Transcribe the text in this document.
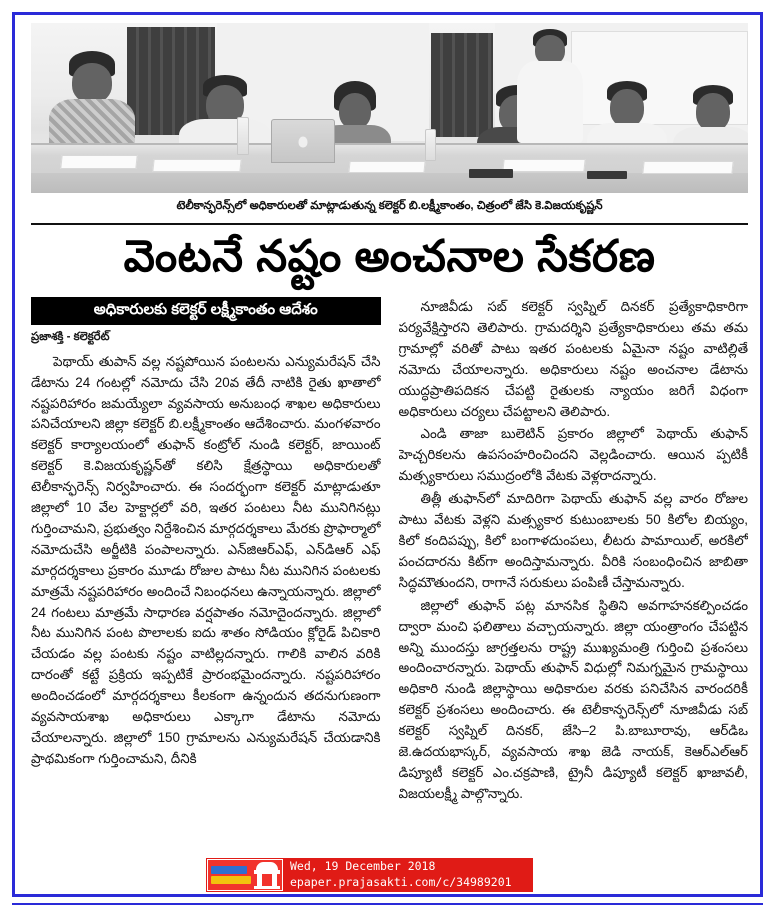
టెలీకాన్ఫరెన్స్‌లో అధికారులతో మాట్లాడుతున్న కలెక్టర్ బి.లక్ష్మీకాంతం, చిత్రంలో జేసి కె.విజయకృష్ణన్
వెంటనే నష్టం అంచనాల సేకరణ
అధికారులకు కలెక్టర్ లక్ష్మీకాంతం ఆదేశం
ప్రజాశక్తి - కలెక్టరేట్
పెథాయ్ తుపాన్ వల్ల నష్టపోయిన పంటలను ఎన్యుమరేషన్ చేసి డేటాను 24 గంటల్లో నమోదు చేసి 20వ తేదీ నాటికి రైతు ఖాతాలో నష్టపరిహారం జమయ్యేలా వ్యవసాయ అనుబంధ శాఖల అధికారులు పనిచేయాలని జిల్లా కలెక్టర్ బి.లక్ష్మీకాంతం ఆదేశించారు. మంగళవారం కలెక్టర్ కార్యాలయంలో తుఫాన్ కంట్రోల్ నుండి కలెక్టర్, జాయింట్ కలెక్టర్ కె.విజయకృష్ణన్‌తో కలిసి క్షేత్రస్థాయి అధికారులతో టెలీకాన్ఫరెన్స్ నిర్వహించారు. ఈ సందర్భంగా కలెక్టర్ మాట్లాడుతూ జిల్లాలో 10 వేల హెక్టార్లలో వరి, ఇతర పంటలు నీట మునిగినట్లు గుర్తించామని, ప్రభుత్వం నిర్దేశించిన మార్గదర్శకాలు మేరకు ప్రొఫార్మాలో నమోదుచేసి అర్జీటికి పంపాలన్నారు. ఎన్‌జిఆర్‌ఎఫ్, ఎన్‌డిఆర్ ఎఫ్ మార్గదర్శకాలు ప్రకారం మూడు రోజుల పాటు నీట మునిగిన పంటలకు మాత్రమే నష్టపరిహారం అందించే నిబంధనలు ఉన్నాయన్నారు. జిల్లాలో 24 గంటలు మాత్రమే సాధారణ వర్షపాతం నమోదైందన్నారు. జిల్లాలో నీట మునిగిన పంట పొలాలకు ఐదు శాతం సోడియం క్లోరైడ్ పిచికారి చేయడం వల్ల పంటకు నష్టం వాటిల్లదన్నారు. గాలికి వాలిన వరికి దారంతో కట్టే ప్రక్రియ ఇప్పటికే ప్రారంభమైందన్నారు. నష్టపరిహారం అందించడంలో మార్గదర్శకాలు కీలకంగా ఉన్నందున తదనుగుణంగా వ్యవసాయశాఖ అధికారులు ఎక్కాగా డేటాను నమోదు చేయాలన్నారు. జిల్లాలో 150 గ్రామాలను ఎన్యుమరేషన్ చేయడానికి ప్రాథమికంగా గుర్తించామని, దీనికి
నూజివీడు సబ్ కలెక్టర్ స్వప్నిల్ దినకర్ ప్రత్యేకాధికారిగా పర్యవేక్షిస్తారని తెలిపారు. గ్రామదర్శిని ప్రత్యేకాధికారులు తమ తమ గ్రామాల్లో వరితో పాటు ఇతర పంటలకు ఏమైనా నష్టం వాటిల్లితే నమోదు చేయాలన్నారు. అధికారులు నష్టం అంచనాల డేటాను యుద్ధప్రాతిపదికన చేపట్టి రైతులకు న్యాయం జరిగే విధంగా అధికారులు చర్యలు చేపట్టాలని తెలిపారు.
ఎండి తాజా బులెటిన్ ప్రకారం జిల్లాలో పెథాయ్ తుఫాన్ హెచ్చరికలను ఉపసంహరించిందని వెల్లడించారు. ఆయిన ప్పటికీ మత్స్యకారులు సముద్రంలోకి వేటకు వెళ్లరాదన్నారు.
తిత్లీ తుఫాన్‌లో మాదిరిగా పెథాయ్ తుఫాన్ వల్ల వారం రోజుల పాటు వేటకు వెళ్లని మత్స్యకార కుటుంబాలకు 50 కిలోల బియ్యం, కిలో కందిపప్పు, కిలో బంగాళదుంపలు, లీటరు పామాయిల్, అరకిలో పంచదారను కిట్‌గా అందిస్తామన్నారు. వీరికి సంబంధించిన జాబితా సిద్ధమౌతుందని, రాగానే సరుకులు పంపిణీ చేస్తామన్నారు.
జిల్లాలో తుఫాన్ పట్ల మానసిక స్థితిని అవగాహనకల్పించడం ద్వారా మంచి ఫలితాలు వచ్చాయన్నారు. జిల్లా యంత్రాంగం చేపట్టిన అన్ని ముందస్తు జాగ్రత్తలను రాష్ట్ర ముఖ్యమంత్రి గుర్తించి ప్రశంసలు అందించారన్నారు. పెథాయ్ తుఫాన్ విధుల్లో నిమగ్నమైన గ్రామస్థాయి అధికారి నుండి జిల్లాస్థాయి అధికారుల వరకు పనిచేసిన వారందరికీ కలెక్టర్ ప్రశంసలు అందించారు. ఈ టెలీకాన్ఫరెన్స్‌లో నూజివీడు సబ్ కలెక్టర్ స్వప్నిల్ దినకర్, జేసి–2 పి.బాబూరావు, ఆర్‌డిఒ జె.ఉదయభాస్కర్, వ్యవసాయ శాఖ జెడి నాయక్, కెఆర్‌ఎల్‌ఆర్ డిప్యూటీ కలెక్టర్ ఎం.చక్రపాణి, ట్రైనీ డిప్యూటీ కలెక్టర్ ఖాజావలీ, విజయలక్ష్మీ పాల్గొన్నారు.
Wed, 19 December 2018
epaper.prajasakti.com/c/34989201
